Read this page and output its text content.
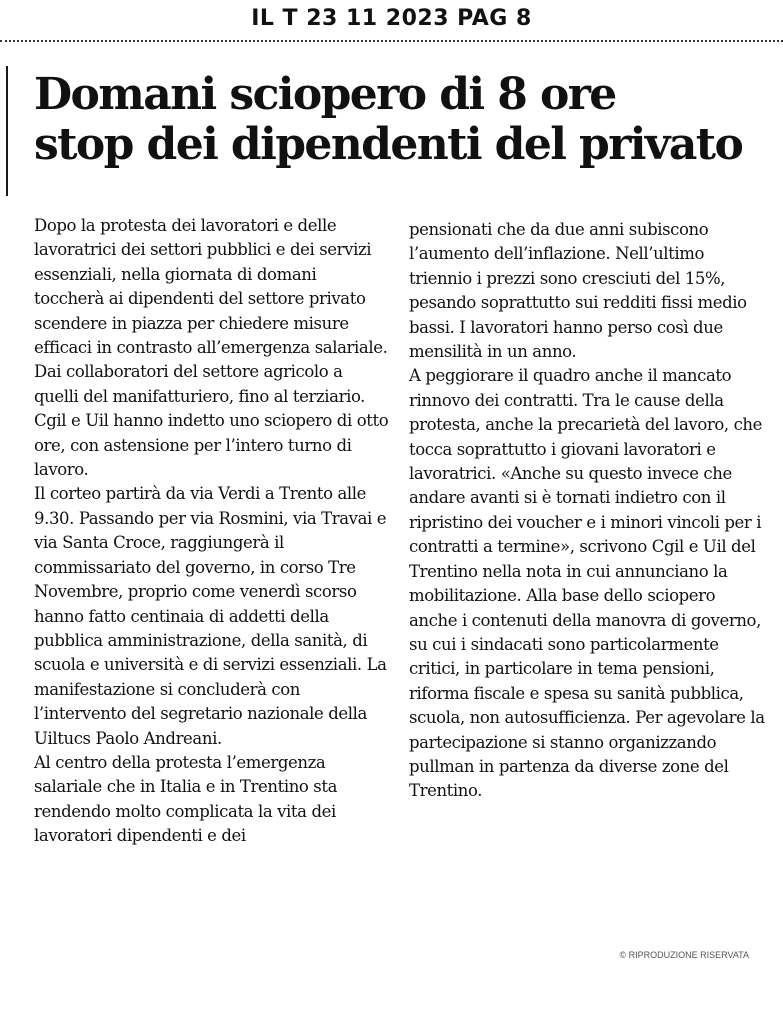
IL T 23 11 2023 PAG 8
Domani sciopero di 8 ore
stop dei dipendenti del privato

Dopo la protesta dei lavoratori e delle lavoratrici dei settori pubblici e dei servizi essenziali, nella giornata di domani toccherà ai dipendenti del settore privato scendere in piazza per chiedere misure efficaci in contrasto all’emergenza salariale. Dai collaboratori del settore agricolo a quelli del manifatturiero, fino al terziario. Cgil e Uil hanno indetto uno sciopero di otto ore, con astensione per l’intero turno di lavoro.

Il corteo partirà da via Verdi a Trento alle 9.30. Passando per via Rosmini, via Travai e via Santa Croce, raggiungerà il commissariato del governo, in corso Tre Novembre, proprio come venerdì scorso hanno fatto centinaia di addetti della pubblica amministrazione, della sanità, di scuola e università e di servizi essenziali. La manifestazione si concluderà con l’intervento del segretario nazionale della Uiltucs Paolo Andreani.

Al centro della protesta l’emergenza salariale che in Italia e in Trentino sta rendendo molto complicata la vita dei lavoratori dipendenti e dei

pensionati che da due anni subiscono l’aumento dell’inflazione. Nell’ultimo triennio i prezzi sono cresciuti del 15%, pesando soprattutto sui redditi fissi medio bassi. I lavoratori hanno perso così due mensilità in un anno.

A peggiorare il quadro anche il mancato rinnovo dei contratti. Tra le cause della protesta, anche la precarietà del lavoro, che tocca soprattutto i giovani lavoratori e lavoratrici. «Anche su questo invece che andare avanti si è tornati indietro con il ripristino dei voucher e i minori vincoli per i contratti a termine», scrivono Cgil e Uil del Trentino nella nota in cui annunciano la mobilitazione. Alla base dello sciopero anche i contenuti della manovra di governo, su cui i sindacati sono particolarmente critici, in particolare in tema pensioni, riforma fiscale e spesa su sanità pubblica, scuola, non autosufficienza. Per agevolare la partecipazione si stanno organizzando pullman in partenza da diverse zone del Trentino.

© RIPRODUZIONE RISERVATA
